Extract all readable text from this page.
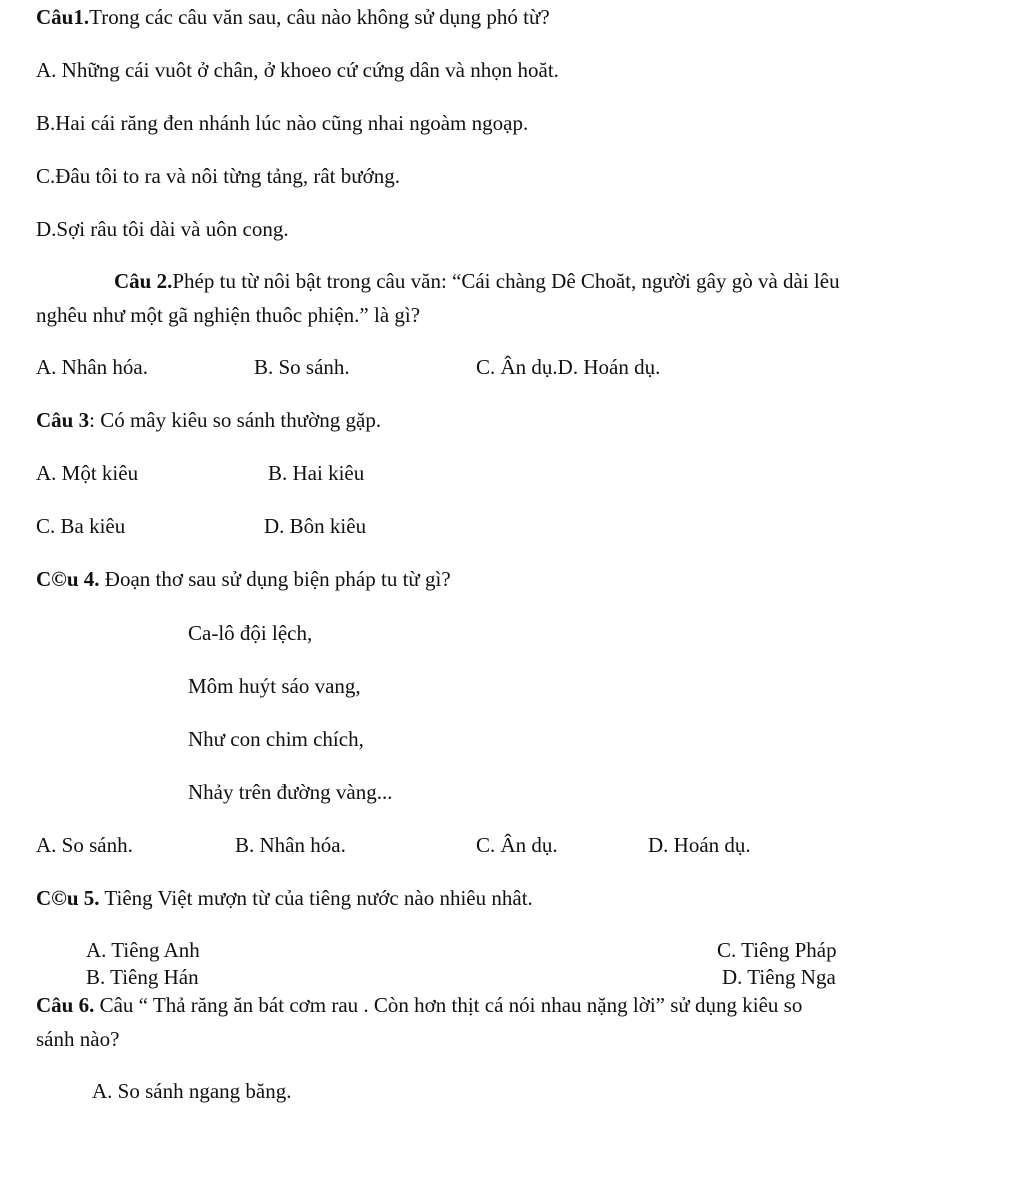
Câu1.Trong các câu văn sau, câu nào không sử dụng phó từ?
A. Những cái vuôt ở chân, ở khoeo cứ cứng dân và nhọn hoăt.
B.Hai cái răng đen nhánh lúc nào cũng nhai ngoàm ngoạp.
C.Đâu tôi to ra và nôi từng tảng, rât bướng.
D.Sợi râu tôi dài và uôn cong.
Câu 2.Phép tu từ nôi bật trong câu văn: “Cái chàng Dê Choăt, người gây gò và dài lêu
nghêu như một gã nghiện thuôc phiện.” là gì?
A. Nhân hóa.	B. So sánh.	C. Ân dụ.D. Hoán dụ.
Câu 3: Có mây kiêu so sánh thường gặp.
A. Một kiêu	B. Hai kiêu
C. Ba kiêu	D. Bôn kiêu
C©u 4. Đoạn thơ sau sử dụng biện pháp tu từ gì?
Ca-lô đội lệch,
Môm huýt sáo vang,
Như con chim chích,
Nhảy trên đường vàng...
A. So sánh.	B. Nhân hóa.	C. Ân dụ.	D. Hoán dụ.
C©u 5. Tiêng Việt mượn từ của tiêng nước nào nhiêu nhât.
A. Tiêng Anh	C. Tiêng Pháp
B. Tiêng Hán	D. Tiêng Nga
Câu 6. Câu “ Thả răng ăn bát cơm rau . Còn hơn thịt cá nói nhau nặng lời” sử dụng kiêu so
sánh nào?
A. So sánh ngang băng.
